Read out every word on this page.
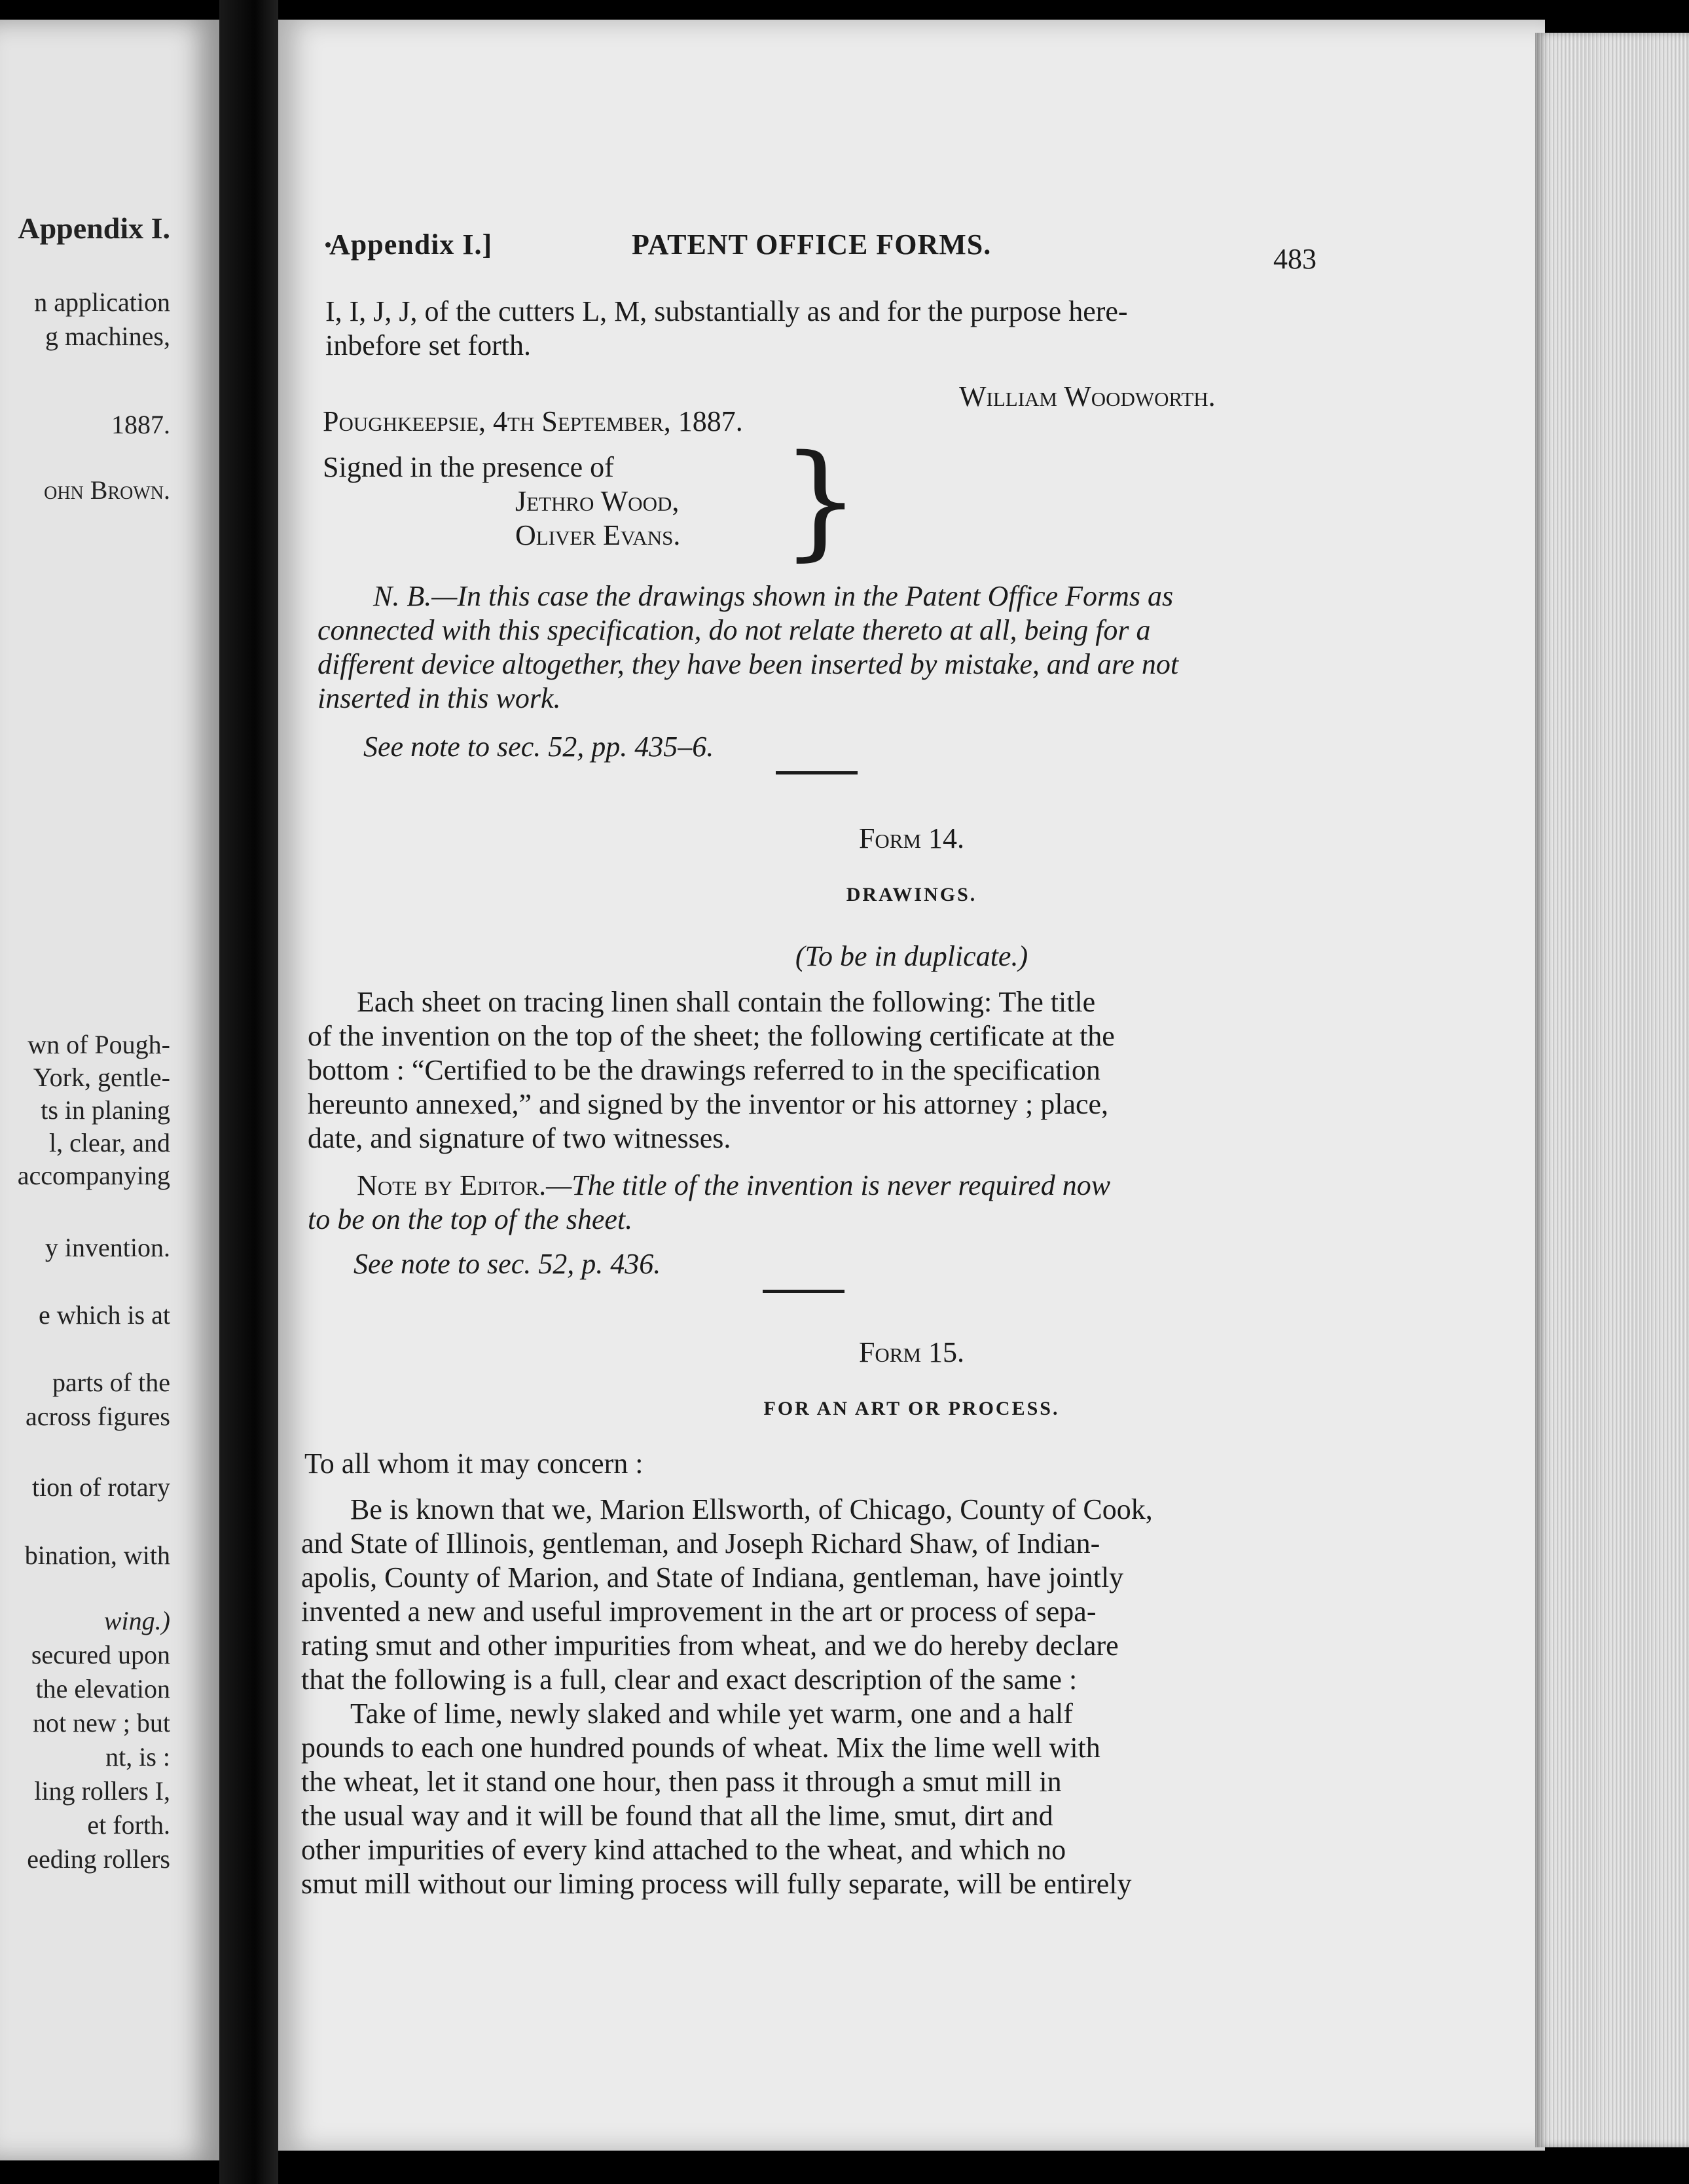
Appendix I.
n application
g machines,
1887.
ohn Brown.
wn of Pough-
York, gentle-
ts in planing
l, clear, and
accompanying
y invention.
e which is at
parts of the
across figures
tion of rotary
bination, with
wing.)
secured upon
the elevation
not new ; but
nt, is :
ling rollers I,
et forth.
eeding rollers
Appendix I.]	PATENT OFFICE FORMS.	483
I, I, J, J, of the cutters L, M, substantially as and for the purpose here-
inbefore set forth.
William Woodworth.
Poughkeepsie, 4th September, 1887.
Signed in the presence of
Jethro Wood,
Oliver Evans. }
N. B.—In this case the drawings shown in the Patent Office Forms as
connected with this specification, do not relate thereto at all, being for a
different device altogether, they have been inserted by mistake, and are not
inserted in this work.
See note to sec. 52, pp. 435–6.
Form 14.
DRAWINGS.
(To be in duplicate.)
Each sheet on tracing linen shall contain the following: The title
of the invention on the top of the sheet; the following certificate at the
bottom : “Certified to be the drawings referred to in the specification
hereunto annexed,” and signed by the inventor or his attorney ; place,
date, and signature of two witnesses.
Note by Editor.—The title of the invention is never required now
to be on the top of the sheet.
See note to sec. 52, p. 436.
Form 15.
FOR AN ART OR PROCESS.
To all whom it may concern :
Be is known that we, Marion Ellsworth, of Chicago, County of Cook,
and State of Illinois, gentleman, and Joseph Richard Shaw, of Indian-
apolis, County of Marion, and State of Indiana, gentleman, have jointly
invented a new and useful improvement in the art or process of sepa-
rating smut and other impurities from wheat, and we do hereby declare
that the following is a full, clear and exact description of the same :
Take of lime, newly slaked and while yet warm, one and a half
pounds to each one hundred pounds of wheat. Mix the lime well with
the wheat, let it stand one hour, then pass it through a smut mill in
the usual way and it will be found that all the lime, smut, dirt and
other impurities of every kind attached to the wheat, and which no
smut mill without our liming process will fully separate, will be entirely
